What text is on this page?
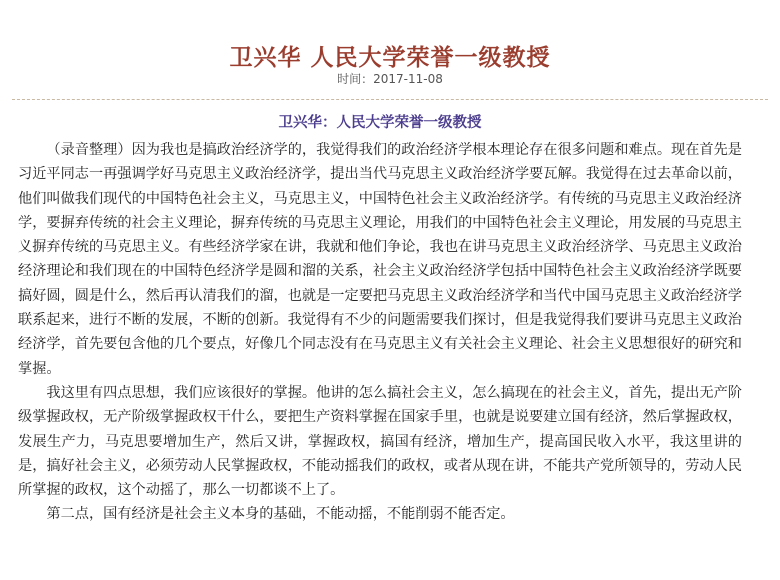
卫兴华 人民大学荣誉一级教授
时间：2017-11-08
卫兴华：人民大学荣誉一级教授

（录音整理）因为我也是搞政治经济学的，我觉得我们的政治经济学根本理论存在很多问题和难点。现在首先是习近平同志一再强调学好马克思主义政治经济学，提出当代马克思主义政治经济学要瓦解。我觉得在过去革命以前，他们叫做我们现代的中国特色社会主义，马克思主义，中国特色社会主义政治经济学。有传统的马克思主义政治经济学，要摒弃传统的社会主义理论，摒弃传统的马克思主义理论，用我们的中国特色社会主义理论，用发展的马克思主义摒弃传统的马克思主义。有些经济学家在讲，我就和他们争论，我也在讲马克思主义政治经济学、马克思主义政治经济理论和我们现在的中国特色经济学是圆和溜的关系，社会主义政治经济学包括中国特色社会主义政治经济学既要搞好圆，圆是什么，然后再认清我们的溜，也就是一定要把马克思主义政治经济学和当代中国马克思主义政治经济学联系起来，进行不断的发展，不断的创新。我觉得有不少的问题需要我们探讨，但是我觉得我们要讲马克思主义政治经济学，首先要包含他的几个要点，好像几个同志没有在马克思主义有关社会主义理论、社会主义思想很好的研究和掌握。

我这里有四点思想，我们应该很好的掌握。他讲的怎么搞社会主义，怎么搞现在的社会主义，首先，提出无产阶级掌握政权，无产阶级掌握政权干什么，要把生产资料掌握在国家手里，也就是说要建立国有经济，然后掌握政权，发展生产力，马克思要增加生产，然后又讲，掌握政权，搞国有经济，增加生产，提高国民收入水平，我这里讲的是，搞好社会主义，必须劳动人民掌握政权，不能动摇我们的政权，或者从现在讲，不能共产党所领导的，劳动人民所掌握的政权，这个动摇了，那么一切都谈不上了。

第二点，国有经济是社会主义本身的基础，不能动摇，不能削弱不能否定。
